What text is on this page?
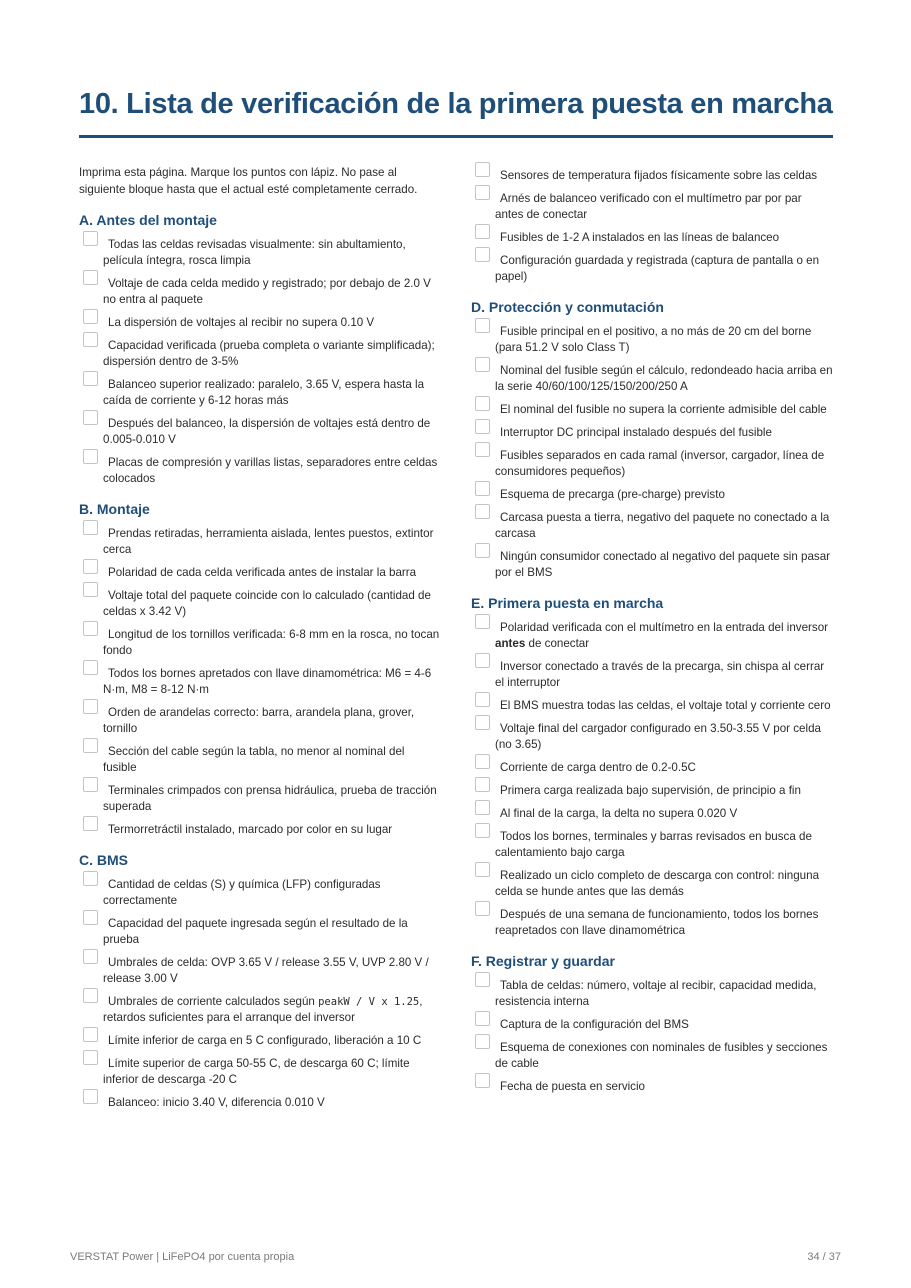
10. Lista de verificación de la primera puesta en marcha

Imprima esta página. Marque los puntos con lápiz. No pase al siguiente bloque hasta que el actual esté completamente cerrado.

A. Antes del montaje
Todas las celdas revisadas visualmente: sin abultamiento, película íntegra, rosca limpia
Voltaje de cada celda medido y registrado; por debajo de 2.0 V no entra al paquete
La dispersión de voltajes al recibir no supera 0.10 V
Capacidad verificada (prueba completa o variante simplificada); dispersión dentro de 3-5%
Balanceo superior realizado: paralelo, 3.65 V, espera hasta la caída de corriente y 6-12 horas más
Después del balanceo, la dispersión de voltajes está dentro de 0.005-0.010 V
Placas de compresión y varillas listas, separadores entre celdas colocados
B. Montaje
Prendas retiradas, herramienta aislada, lentes puestos, extintor cerca
Polaridad de cada celda verificada antes de instalar la barra
Voltaje total del paquete coincide con lo calculado (cantidad de celdas x 3.42 V)
Longitud de los tornillos verificada: 6-8 mm en la rosca, no tocan fondo
Todos los bornes apretados con llave dinamométrica: M6 = 4-6 N·m, M8 = 8-12 N·m
Orden de arandelas correcto: barra, arandela plana, grover, tornillo
Sección del cable según la tabla, no menor al nominal del fusible
Terminales crimpados con prensa hidráulica, prueba de tracción superada
Termorretráctil instalado, marcado por color en su lugar
C. BMS
Cantidad de celdas (S) y química (LFP) configuradas correctamente
Capacidad del paquete ingresada según el resultado de la prueba
Umbrales de celda: OVP 3.65 V / release 3.55 V, UVP 2.80 V / release 3.00 V
Umbrales de corriente calculados según peakW / V x 1.25, retardos suficientes para el arranque del inversor
Límite inferior de carga en 5 C configurado, liberación a 10 C
Límite superior de carga 50-55 C, de descarga 60 C; límite inferior de descarga -20 C
Balanceo: inicio 3.40 V, diferencia 0.010 V
Sensores de temperatura fijados físicamente sobre las celdas
Arnés de balanceo verificado con el multímetro par por par antes de conectar
Fusibles de 1-2 A instalados en las líneas de balanceo
Configuración guardada y registrada (captura de pantalla o en papel)
D. Protección y conmutación
Fusible principal en el positivo, a no más de 20 cm del borne (para 51.2 V solo Class T)
Nominal del fusible según el cálculo, redondeado hacia arriba en la serie 40/60/100/125/150/200/250 A
El nominal del fusible no supera la corriente admisible del cable
Interruptor DC principal instalado después del fusible
Fusibles separados en cada ramal (inversor, cargador, línea de consumidores pequeños)
Esquema de precarga (pre-charge) previsto
Carcasa puesta a tierra, negativo del paquete no conectado a la carcasa
Ningún consumidor conectado al negativo del paquete sin pasar por el BMS
E. Primera puesta en marcha
Polaridad verificada con el multímetro en la entrada del inversor antes de conectar
Inversor conectado a través de la precarga, sin chispa al cerrar el interruptor
El BMS muestra todas las celdas, el voltaje total y corriente cero
Voltaje final del cargador configurado en 3.50-3.55 V por celda (no 3.65)
Corriente de carga dentro de 0.2-0.5C
Primera carga realizada bajo supervisión, de principio a fin
Al final de la carga, la delta no supera 0.020 V
Todos los bornes, terminales y barras revisados en busca de calentamiento bajo carga
Realizado un ciclo completo de descarga con control: ninguna celda se hunde antes que las demás
Después de una semana de funcionamiento, todos los bornes reapretados con llave dinamométrica
F. Registrar y guardar
Tabla de celdas: número, voltaje al recibir, capacidad medida, resistencia interna
Captura de la configuración del BMS
Esquema de conexiones con nominales de fusibles y secciones de cable
Fecha de puesta en servicio
VERSTAT Power | LiFePO4 por cuenta propia	34 / 37
